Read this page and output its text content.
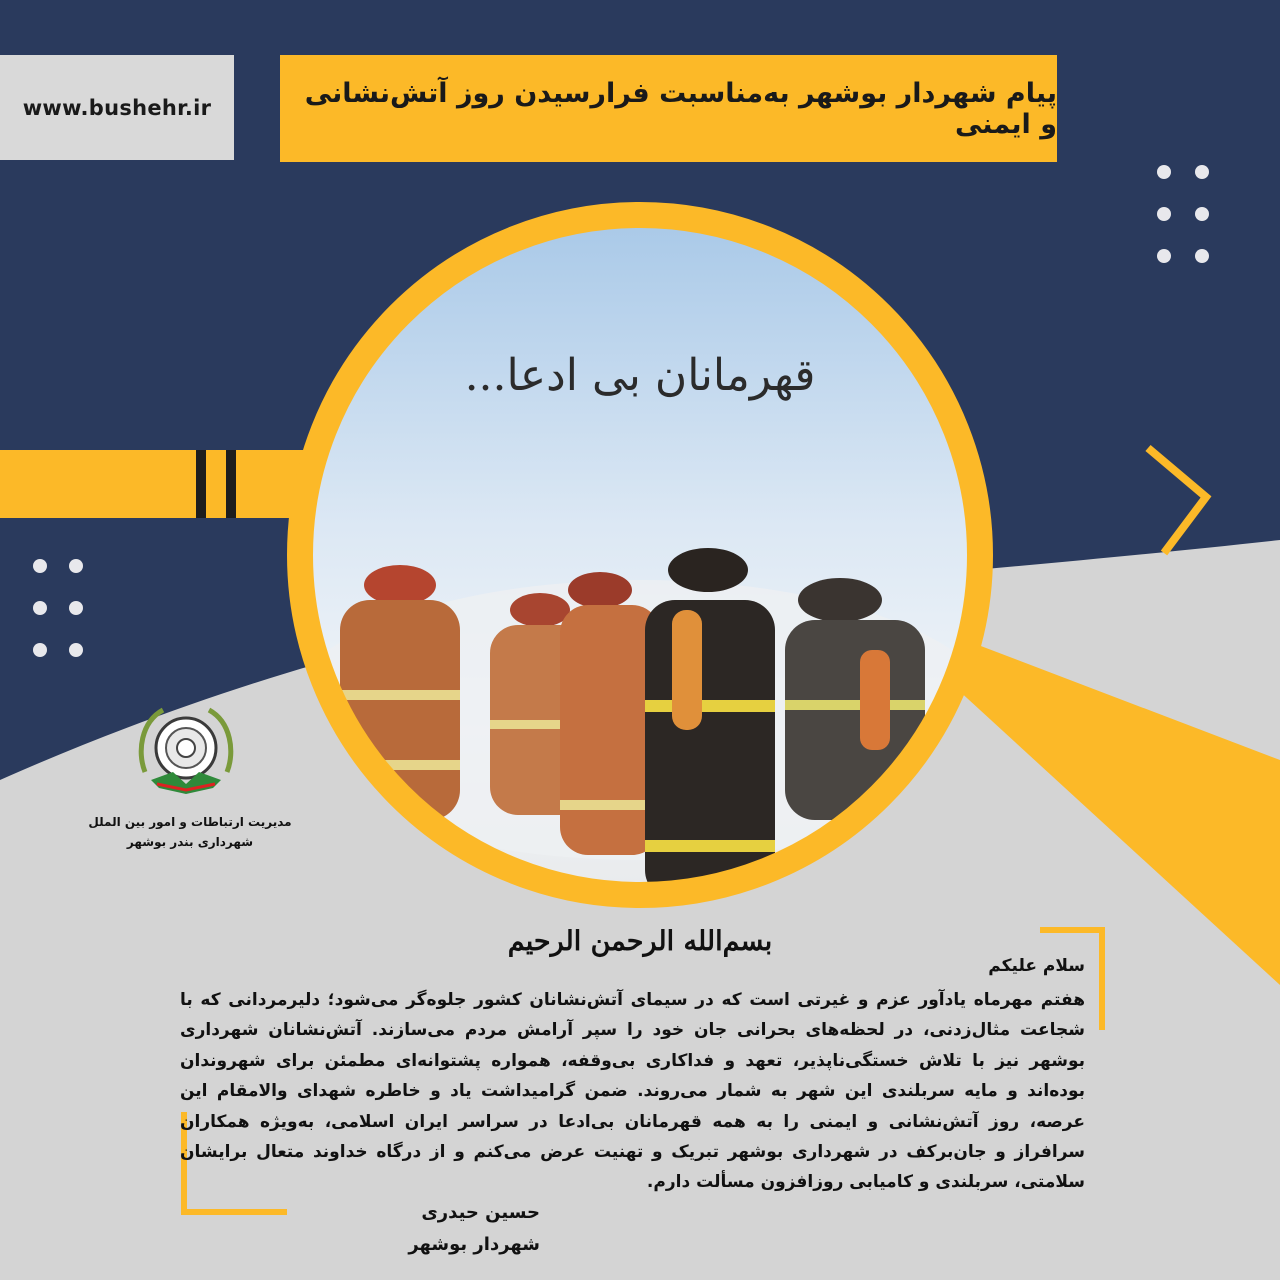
www.bushehr.ir	پیام شهردار بوشهر به‌مناسبت فرارسیدن روز آتش‌نشانی و ایمنی
قهرمانان بی ادعا...
مدیریت ارتباطات و امور بین الملل
شهرداری بندر بوشهر
بسم‌الله الرحمن الرحیم
سلام علیکم
هفتم مهرماه یادآور عزم و غیرتی است که در سیمای آتش‌نشانان کشور جلوه‌گر می‌شود؛ دلیرمردانی که با شجاعت مثال‌زدنی، در لحظه‌های بحرانی جان خود را سپر آرامش مردم می‌سازند. آتش‌نشانان شهرداری بوشهر نیز با تلاش خستگی‌ناپذیر، تعهد و فداکاری بی‌وقفه، همواره پشتوانه‌ای مطمئن برای شهروندان بوده‌اند و مایه سربلندی این شهر به شمار می‌روند. ضمن گرامیداشت یاد و خاطره شهدای والامقام این عرصه، روز آتش‌نشانی و ایمنی را به همه قهرمانان بی‌ادعا در سراسر ایران اسلامی، به‌ویژه همکاران سرافراز و جان‌برکف در شهرداری بوشهر تبریک و تهنیت عرض می‌کنم و از درگاه خداوند متعال برایشان سلامتی، سربلندی و کامیابی روزافزون مسألت دارم.
حسین حیدری
شهردار بوشهر
